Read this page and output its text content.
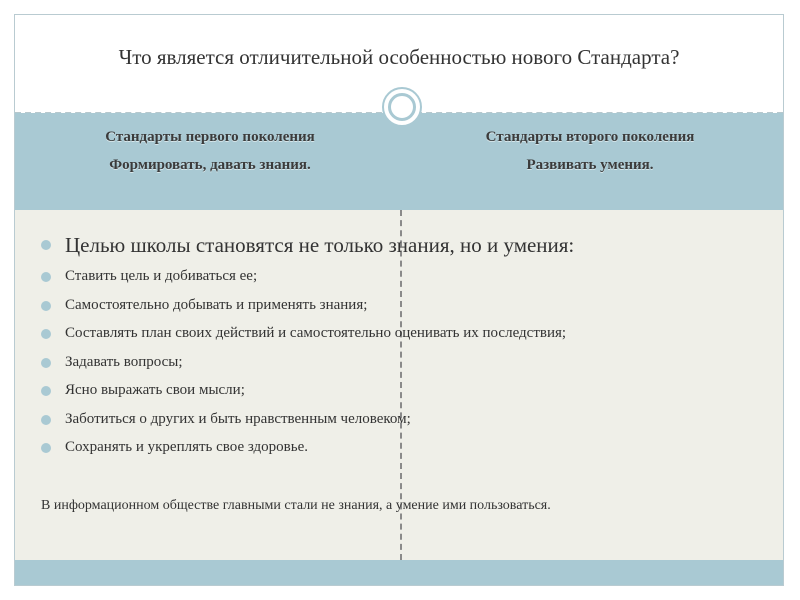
Что является отличительной особенностью нового Стандарта?
Стандарты первого поколения
Формировать, давать знания.
Стандарты второго поколения
Развивать умения.
Целью школы становятся не только знания, но и умения:
Ставить цель и добиваться ее;
Самостоятельно добывать и применять знания;
Составлять план своих действий и самостоятельно оценивать их последствия;
Задавать вопросы;
Ясно выражать свои мысли;
Заботиться о других и быть нравственным человеком;
Сохранять и укреплять свое здоровье.
В информационном обществе главными стали не знания, а умение ими пользоваться.
